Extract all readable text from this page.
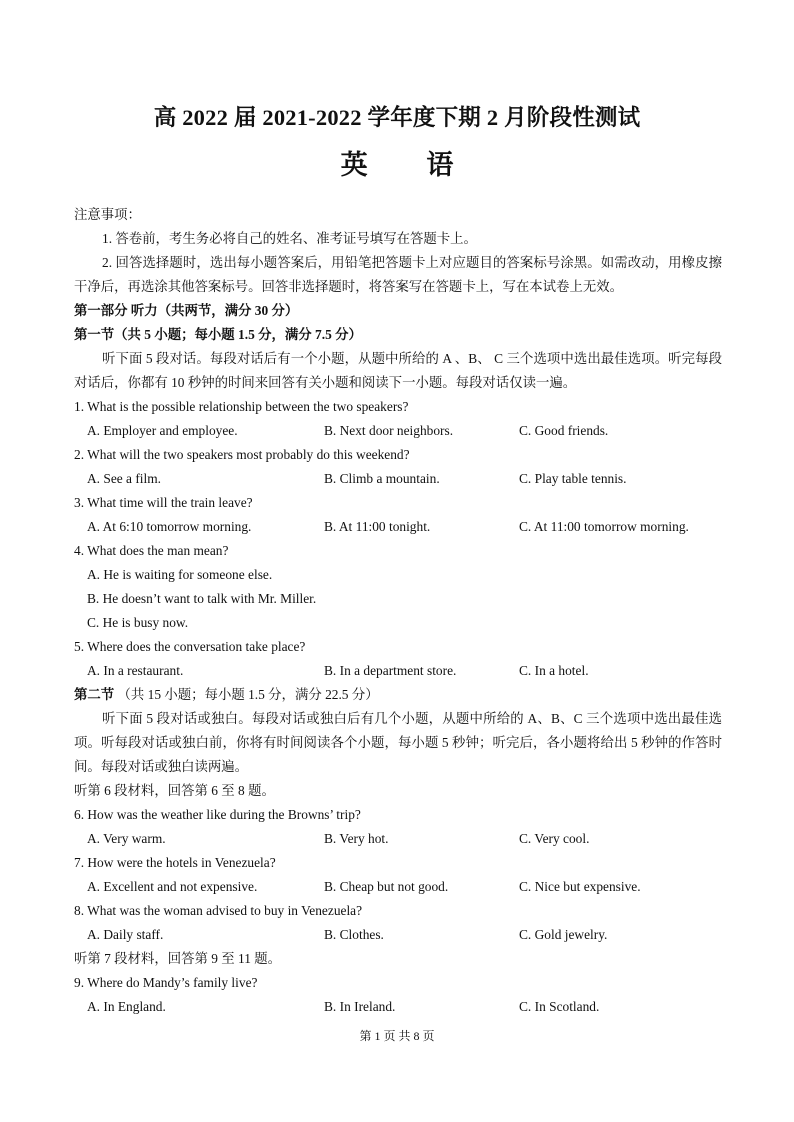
高 2022 届 2021-2022 学年度下期 2 月阶段性测试
英 语
注意事项：
1. 答卷前，考生务必将自己的姓名、准考证号填写在答题卡上。
2. 回答选择题时，选出每小题答案后，用铅笔把答题卡上对应题目的答案标号涂黑。如需改动，用橡皮擦干净后，再选涂其他答案标号。回答非选择题时，将答案写在答题卡上，写在本试卷上无效。
第一部分 听力（共两节，满分 30 分）
第一节（共 5 小题；每小题 1.5 分，满分 7.5 分）
听下面 5 段对话。每段对话后有一个小题，从题中所给的 A 、B、 C 三个选项中选出最佳选项。听完每段对话后，你都有 10 秒钟的时间来回答有关小题和阅读下一小题。每段对话仅读一遍。
1. What is the possible relationship between the two speakers?
A. Employer and employee.	B. Next door neighbors.	C. Good friends.
2. What will the two speakers most probably do this weekend?
A. See a film.	B. Climb a mountain.	C. Play table tennis.
3. What time will the train leave?
A. At 6:10 tomorrow morning.	B. At 11:00 tonight.	C. At 11:00 tomorrow morning.
4. What does the man mean?
A. He is waiting for someone else.
B. He doesn’t want to talk with Mr. Miller.
C. He is busy now.
5. Where does the conversation take place?
A. In a restaurant.	B. In a department store.	C. In a hotel.
第二节 （共 15 小题；每小题 1.5 分，满分 22.5 分）
听下面 5 段对话或独白。每段对话或独白后有几个小题，从题中所给的 A、B、C 三个选项中选出最佳选项。听每段对话或独白前，你将有时间阅读各个小题，每小题 5 秒钟；听完后，各小题将给出 5 秒钟的作答时间。每段对话或独白读两遍。
听第 6 段材料，回答第 6 至 8 题。
6. How was the weather like during the Browns’ trip?
A. Very warm.	B. Very hot.	C. Very cool.
7. How were the hotels in Venezuela?
A. Excellent and not expensive.	B. Cheap but not good.	C. Nice but expensive.
8. What was the woman advised to buy in Venezuela?
A. Daily staff.	B. Clothes.	C. Gold jewelry.
听第 7 段材料，回答第 9 至 11 题。
9. Where do Mandy’s family live?
A. In England.	B. In Ireland.	C. In Scotland.
第 1 页 共 8 页
